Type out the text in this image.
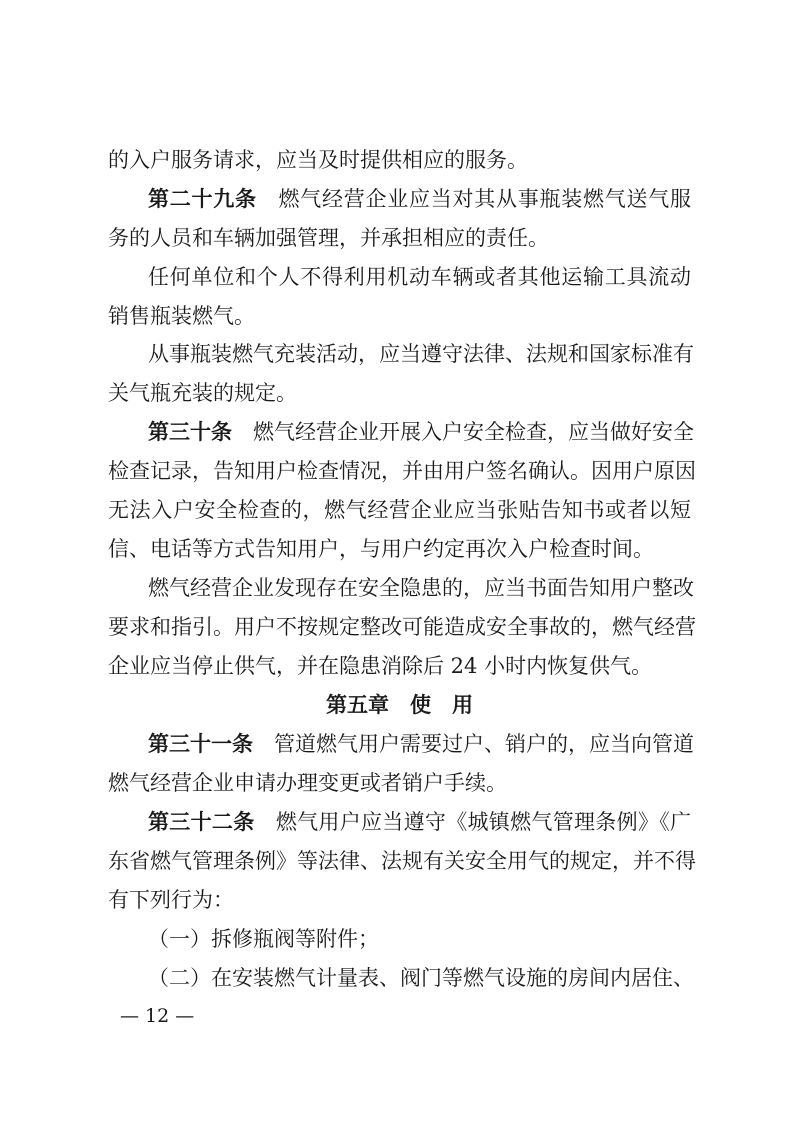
的入户服务请求，应当及时提供相应的服务。
第二十九条　 燃气经营企业应当对其从事瓶装燃气送气服
务的人员和车辆加强管理，并承担相应的责任。
任何单位和个人不得利用机动车辆或者其他运输工具流动
销售瓶装燃气。
从事瓶装燃气充装活动，应当遵守法律、法规和国家标准有
关气瓶充装的规定。
第三十条　 燃气经营企业开展入户安全检查，应当做好安全
检查记录，告知用户检查情况，并由用户签名确认。因用户原因
无法入户安全检查的，燃气经营企业应当张贴告知书或者以短
信、电话等方式告知用户，与用户约定再次入户检查时间。
燃气经营企业发现存在安全隐患的，应当书面告知用户整改
要求和指引。用户不按规定整改可能造成安全事故的，燃气经营
企业应当停止供气，并在隐患消除后 24 小时内恢复供气。
第五章　使　用
第三十一条　 管道燃气用户需要过户、销户的，应当向管道
燃气经营企业申请办理变更或者销户手续。
第三十二条　 燃气用户应当遵守《城镇燃气管理条例》《广
东省燃气管理条例》等法律、法规有关安全用气的规定，并不得
有下列行为：
（一）拆修瓶阀等附件；
（二）在安装燃气计量表、阀门等燃气设施的房间内居住、
— 12 —
